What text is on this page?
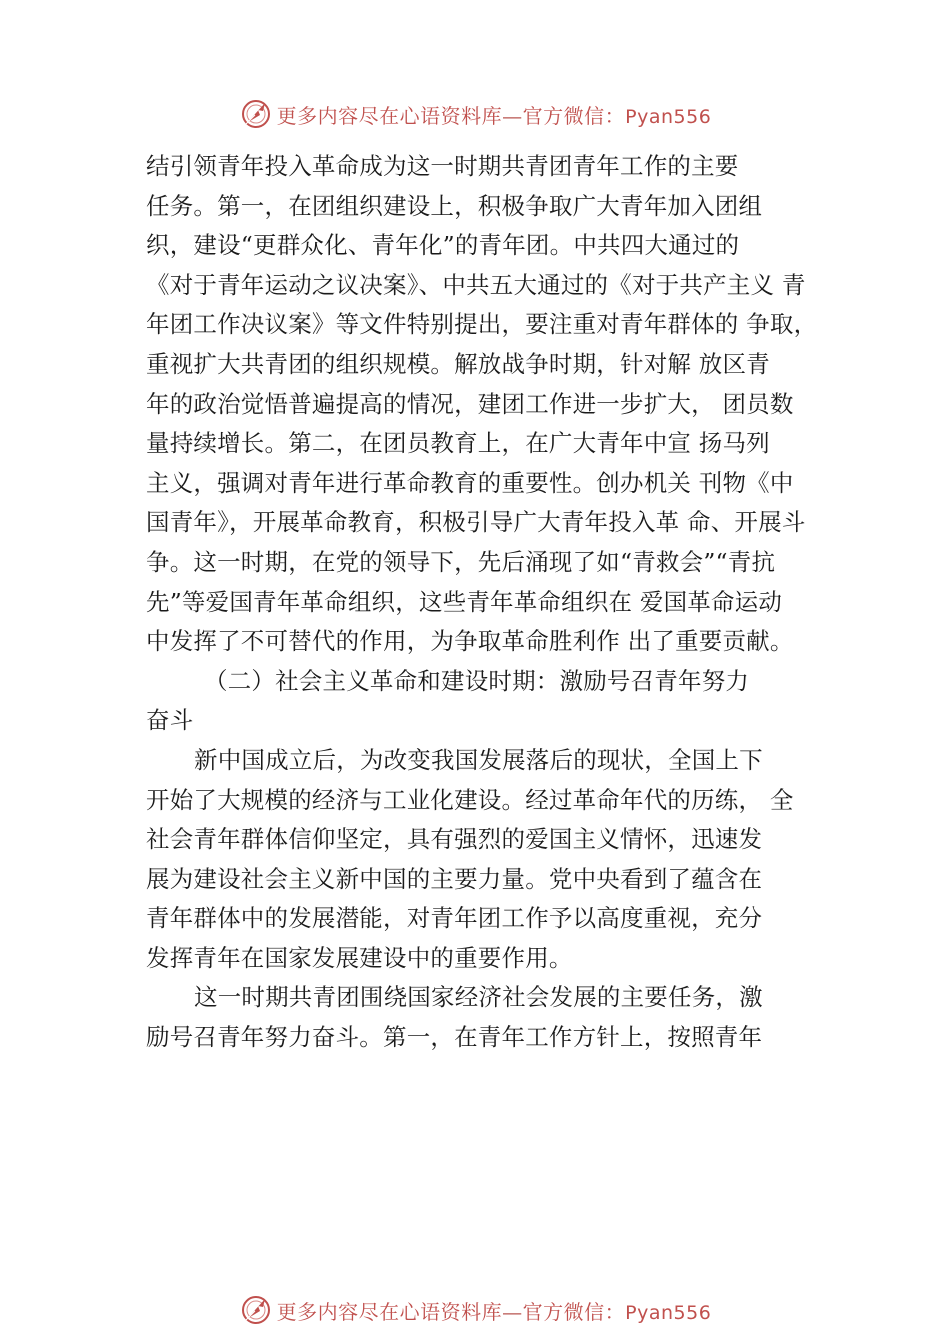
更多内容尽在心语资料库—官方微信：Pyan556
结引领青年投入革命成为这一时期共青团青年工作的主要
任务。第一，在团组织建设上，积极争取广大青年加入团组
织，建设“更群众化、青年化”的青年团。中共四大通过的
《对于青年运动之议决案》、中共五大通过的《对于共产主义 青
年团工作决议案》等文件特别提出，要注重对青年群体的 争取，
重视扩大共青团的组织规模。解放战争时期，针对解 放区青
年的政治觉悟普遍提高的情况，建团工作进一步扩大， 团员数
量持续增长。第二，在团员教育上，在广大青年中宣 扬马列
主义，强调对青年进行革命教育的重要性。创办机关 刊物《中
国青年》，开展革命教育，积极引导广大青年投入革 命、开展斗
争。这一时期，在党的领导下，先后涌现了如“青救会”“青抗
先”等爱国青年革命组织，这些青年革命组织在 爱国革命运动
中发挥了不可替代的作用，为争取革命胜利作 出了重要贡献。
（二）社会主义革命和建设时期：激励号召青年努力
奋斗
新中国成立后，为改变我国发展落后的现状，全国上下
开始了大规模的经济与工业化建设。经过革命年代的历练， 全
社会青年群体信仰坚定，具有强烈的爱国主义情怀，迅速发
展为建设社会主义新中国的主要力量。党中央看到了蕴含在
青年群体中的发展潜能，对青年团工作予以高度重视，充分
发挥青年在国家发展建设中的重要作用。
这一时期共青团围绕国家经济社会发展的主要任务，激
励号召青年努力奋斗。第一，在青年工作方针上，按照青年
更多内容尽在心语资料库—官方微信：Pyan556
